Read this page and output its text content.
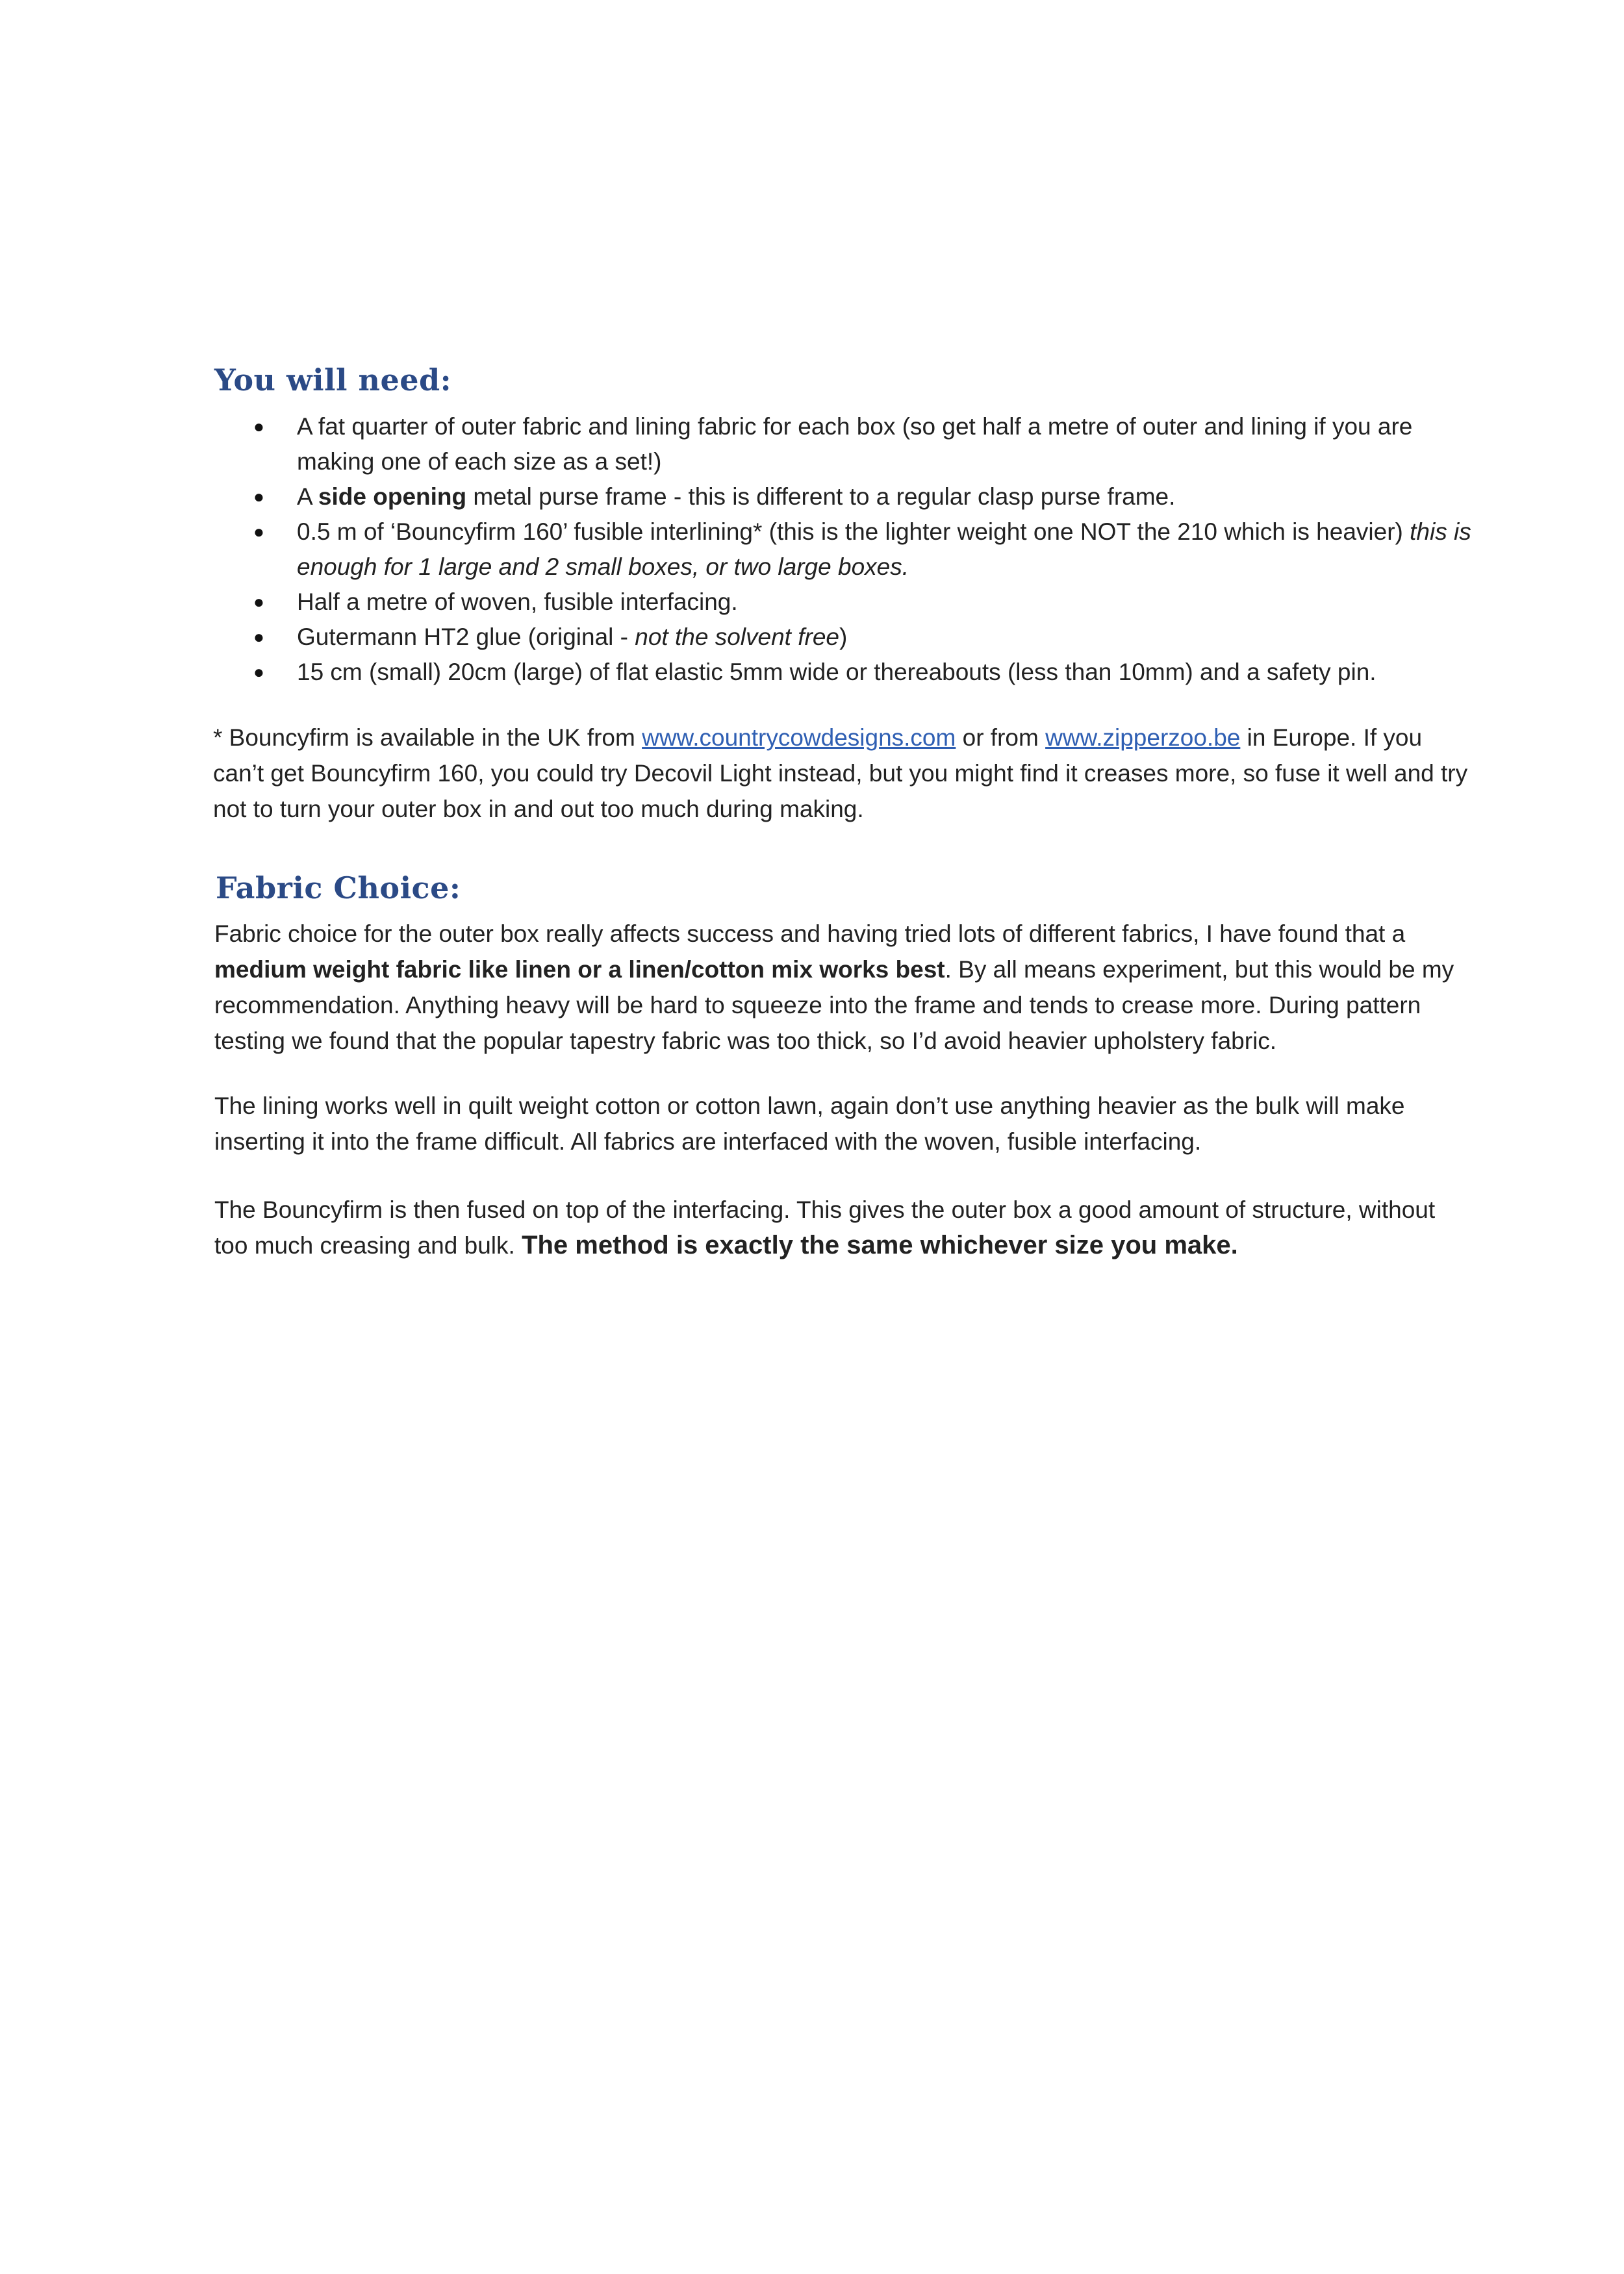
You will need:
● A fat quarter of outer fabric and lining fabric for each box (so get half a metre of outer and lining if you are making one of each size as a set!)
● A side opening metal purse frame - this is different to a regular clasp purse frame.
● 0.5 m of ‘Bouncyfirm 160’ fusible interlining* (this is the lighter weight one NOT the 210 which is heavier) this is enough for 1 large and 2 small boxes, or two large boxes.
● Half a metre of woven, fusible interfacing.
● Gutermann HT2 glue (original - not the solvent free)
● 15 cm (small) 20cm (large) of flat elastic 5mm wide or thereabouts (less than 10mm) and a safety pin.

* Bouncyfirm is available in the UK from www.countrycowdesigns.com or from www.zipperzoo.be in Europe. If you can’t get Bouncyfirm 160, you could try Decovil Light instead, but you might find it creases more, so fuse it well and try not to turn your outer box in and out too much during making.

Fabric Choice:

Fabric choice for the outer box really affects success and having tried lots of different fabrics, I have found that a medium weight fabric like linen or a linen/cotton mix works best. By all means experiment, but this would be my recommendation. Anything heavy will be hard to squeeze into the frame and tends to crease more. During pattern testing we found that the popular tapestry fabric was too thick, so I’d avoid heavier upholstery fabric.

The lining works well in quilt weight cotton or cotton lawn, again don’t use anything heavier as the bulk will make inserting it into the frame difficult. All fabrics are interfaced with the woven, fusible interfacing.

The Bouncyfirm is then fused on top of the interfacing. This gives the outer box a good amount of structure, without too much creasing and bulk. The method is exactly the same whichever size you make.
